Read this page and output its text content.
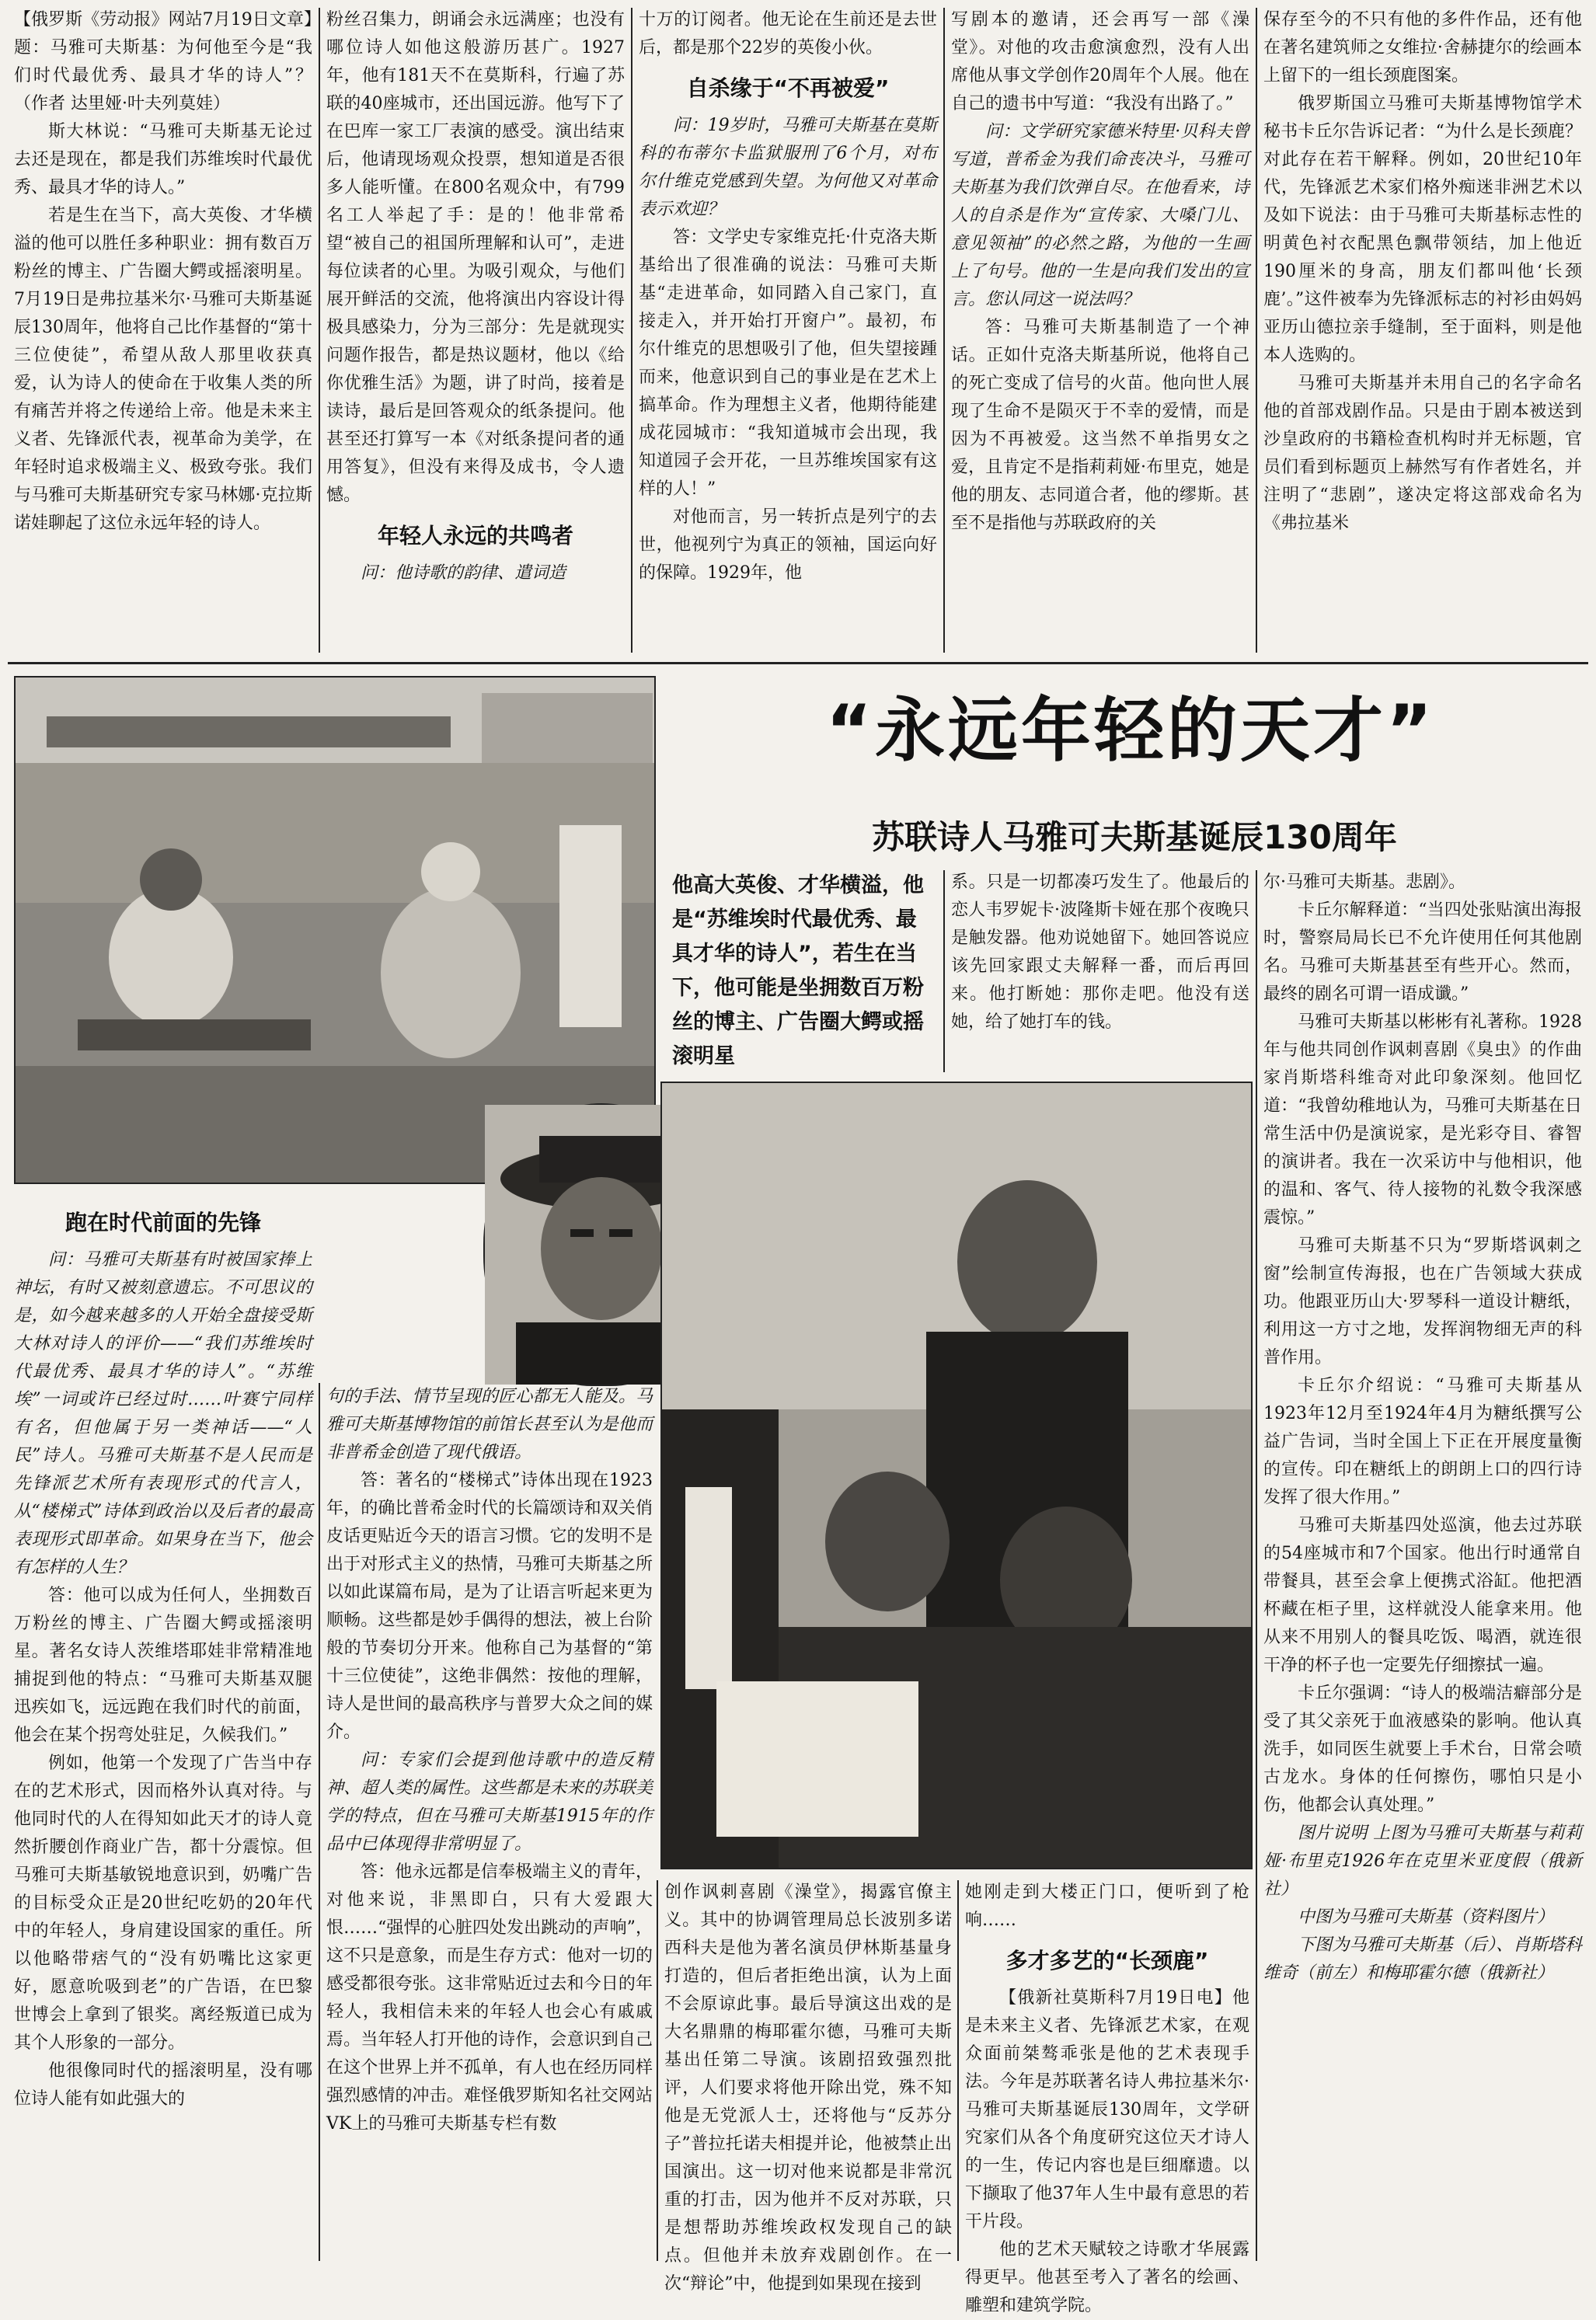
【俄罗斯《劳动报》网站7月19日文章】题：马雅可夫斯基：为何他至今是“我们时代最优秀、最具才华的诗人”？（作者 达里娅·叶夫列莫娃）

斯大林说：“马雅可夫斯基无论过去还是现在，都是我们苏维埃时代最优秀、最具才华的诗人。”

若是生在当下，高大英俊、才华横溢的他可以胜任多种职业：拥有数百万粉丝的博主、广告圈大鳄或摇滚明星。7月19日是弗拉基米尔·马雅可夫斯基诞辰130周年，他将自己比作基督的“第十三位使徒”，希望从敌人那里收获真爱，认为诗人的使命在于收集人类的所有痛苦并将之传递给上帝。他是未来主义者、先锋派代表，视革命为美学，在年轻时追求极端主义、极致夸张。我们与马雅可夫斯基研究专家马林娜·克拉斯诺娃聊起了这位永远年轻的诗人。

粉丝召集力，朗诵会永远满座；也没有哪位诗人如他这般游历甚广。1927年，他有181天不在莫斯科，行遍了苏联的40座城市，还出国远游。他写下了在巴库一家工厂表演的感受。演出结束后，他请现场观众投票，想知道是否很多人能听懂。在800名观众中，有799名工人举起了手：是的！他非常希望“被自己的祖国所理解和认可”，走进每位读者的心里。为吸引观众，与他们展开鲜活的交流，他将演出内容设计得极具感染力，分为三部分：先是就现实问题作报告，都是热议题材，他以《给你优雅生活》为题，讲了时尚，接着是读诗，最后是回答观众的纸条提问。他甚至还打算写一本《对纸条提问者的通用答复》，但没有来得及成书，令人遗憾。

年轻人永远的共鸣者

问：他诗歌的韵律、遣词造

十万的订阅者。他无论在生前还是去世后，都是那个22岁的英俊小伙。

自杀缘于“不再被爱”

问：19岁时，马雅可夫斯基在莫斯科的布蒂尔卡监狱服刑了6个月，对布尔什维克党感到失望。为何他又对革命表示欢迎？

答：文学史专家维克托·什克洛夫斯基给出了很准确的说法：马雅可夫斯基“走进革命，如同踏入自己家门，直接走入，并开始打开窗户”。最初，布尔什维克的思想吸引了他，但失望接踵而来，他意识到自己的事业是在艺术上搞革命。作为理想主义者，他期待能建成花园城市：“我知道城市会出现，我知道园子会开花，一旦苏维埃国家有这样的人！”

对他而言，另一转折点是列宁的去世，他视列宁为真正的领袖，国运向好的保障。1929年，他

写剧本的邀请，还会再写一部《澡堂》。对他的攻击愈演愈烈，没有人出席他从事文学创作20周年个人展。他在自己的遗书中写道：“我没有出路了。”

问：文学研究家德米特里·贝科夫曾写道，普希金为我们命丧决斗，马雅可夫斯基为我们饮弹自尽。在他看来，诗人的自杀是作为“宣传家、大嗓门儿、意见领袖”的必然之路，为他的一生画上了句号。他的一生是向我们发出的宣言。您认同这一说法吗？

答：马雅可夫斯基制造了一个神话。正如什克洛夫斯基所说，他将自己的死亡变成了信号的火苗。他向世人展现了生命不是陨灭于不幸的爱情，而是因为不再被爱。这当然不单指男女之爱，且肯定不是指莉莉娅·布里克，她是他的朋友、志同道合者，他的缪斯。甚至不是指他与苏联政府的关

保存至今的不只有他的多件作品，还有他在著名建筑师之女维拉·舍赫捷尔的绘画本上留下的一组长颈鹿图案。

俄罗斯国立马雅可夫斯基博物馆学术秘书卡丘尔告诉记者：“为什么是长颈鹿？对此存在若干解释。例如，20世纪10年代，先锋派艺术家们格外痴迷非洲艺术以及如下说法：由于马雅可夫斯基标志性的明黄色衬衣配黑色飘带领结，加上他近190厘米的身高，朋友们都叫他‘长颈鹿’。”这件被奉为先锋派标志的衬衫由妈妈亚历山德拉亲手缝制，至于面料，则是他本人选购的。

马雅可夫斯基并未用自己的名字命名他的首部戏剧作品。只是由于剧本被送到沙皇政府的书籍检查机构时并无标题，官员们看到标题页上赫然写有作者姓名，并注明了“悲剧”，遂决定将这部戏命名为《弗拉基米

“永远年轻的天才”
苏联诗人马雅可夫斯基诞辰130周年
他高大英俊、才华横溢，他是“苏维埃时代最优秀、最具才华的诗人”，若生在当下，他可能是坐拥数百万粉丝的博主、广告圈大鳄或摇滚明星

系。只是一切都凑巧发生了。他最后的恋人韦罗妮卡·波隆斯卡娅在那个夜晚只是触发器。他劝说她留下。她回答说应该先回家跟丈夫解释一番，而后再回来。他打断她：那你走吧。他没有送她，给了她打车的钱。

尔·马雅可夫斯基。悲剧》。

卡丘尔解释道：“当四处张贴演出海报时，警察局局长已不允许使用任何其他剧名。马雅可夫斯基甚至有些开心。然而，最终的剧名可谓一语成谶。”

马雅可夫斯基以彬彬有礼著称。1928年与他共同创作讽刺喜剧《臭虫》的作曲家肖斯塔科维奇对此印象深刻。他回忆道：“我曾幼稚地认为，马雅可夫斯基在日常生活中仍是演说家，是光彩夺目、睿智的演讲者。我在一次采访中与他相识，他的温和、客气、待人接物的礼数令我深感震惊。”

马雅可夫斯基不只为“罗斯塔讽刺之窗”绘制宣传海报，也在广告领域大获成功。他跟亚历山大·罗琴科一道设计糖纸，利用这一方寸之地，发挥润物细无声的科普作用。

卡丘尔介绍说：“马雅可夫斯基从1923年12月至1924年4月为糖纸撰写公益广告词，当时全国上下正在开展度量衡的宣传。印在糖纸上的朗朗上口的四行诗发挥了很大作用。”

马雅可夫斯基四处巡演，他去过苏联的54座城市和7个国家。他出行时通常自带餐具，甚至会拿上便携式浴缸。他把酒杯藏在柜子里，这样就没人能拿来用。他从来不用别人的餐具吃饭、喝酒，就连很干净的杯子也一定要先仔细擦拭一遍。

卡丘尔强调：“诗人的极端洁癖部分是受了其父亲死于血液感染的影响。他认真洗手，如同医生就要上手术台，日常会喷古龙水。身体的任何擦伤，哪怕只是小伤，他都会认真处理。”

图片说明 上图为马雅可夫斯基与莉莉娅·布里克1926年在克里米亚度假（俄新社）

中图为马雅可夫斯基（资料图片）

下图为马雅可夫斯基（后）、肖斯塔科维奇（前左）和梅耶霍尔德（俄新社）

跑在时代前面的先锋

问：马雅可夫斯基有时被国家捧上神坛，有时又被刻意遗忘。不可思议的是，如今越来越多的人开始全盘接受斯大林对诗人的评价——“我们苏维埃时代最优秀、最具才华的诗人”。“苏维埃”一词或许已经过时……叶赛宁同样有名，但他属于另一类神话——“人民”诗人。马雅可夫斯基不是人民而是先锋派艺术所有表现形式的代言人，从“楼梯式”诗体到政治以及后者的最高表现形式即革命。如果身在当下，他会有怎样的人生？

答：他可以成为任何人，坐拥数百万粉丝的博主、广告圈大鳄或摇滚明星。著名女诗人茨维塔耶娃非常精准地捕捉到他的特点：“马雅可夫斯基双腿迅疾如飞，远远跑在我们时代的前面，他会在某个拐弯处驻足，久候我们。”

例如，他第一个发现了广告当中存在的艺术形式，因而格外认真对待。与他同时代的人在得知如此天才的诗人竟然折腰创作商业广告，都十分震惊。但马雅可夫斯基敏锐地意识到，奶嘴广告的目标受众正是20世纪吃奶的20年代中的年轻人，身肩建设国家的重任。所以他略带痞气的“没有奶嘴比这家更好，愿意吮吸到老”的广告语，在巴黎世博会上拿到了银奖。离经叛道已成为其个人形象的一部分。

他很像同时代的摇滚明星，没有哪位诗人能有如此强大的

句的手法、情节呈现的匠心都无人能及。马雅可夫斯基博物馆的前馆长甚至认为是他而非普希金创造了现代俄语。

答：著名的“楼梯式”诗体出现在1923年，的确比普希金时代的长篇颂诗和双关俏皮话更贴近今天的语言习惯。它的发明不是出于对形式主义的热情，马雅可夫斯基之所以如此谋篇布局，是为了让语言听起来更为顺畅。这些都是妙手偶得的想法，被上台阶般的节奏切分开来。他称自己为基督的“第十三位使徒”，这绝非偶然：按他的理解，诗人是世间的最高秩序与普罗大众之间的媒介。

问：专家们会提到他诗歌中的造反精神、超人类的属性。这些都是未来的苏联美学的特点，但在马雅可夫斯基1915年的作品中已体现得非常明显了。

答：他永远都是信奉极端主义的青年，对他来说，非黑即白，只有大爱跟大恨……“强悍的心脏四处发出跳动的声响”，这不只是意象，而是生存方式：他对一切的感受都很夸张。这非常贴近过去和今日的年轻人，我相信未来的年轻人也会心有戚戚焉。当年轻人打开他的诗作，会意识到自己在这个世界上并不孤单，有人也在经历同样强烈感情的冲击。难怪俄罗斯知名社交网站VK上的马雅可夫斯基专栏有数

创作讽刺喜剧《澡堂》，揭露官僚主义。其中的协调管理局总长波别多诺西科夫是他为著名演员伊林斯基量身打造的，但后者拒绝出演，认为上面不会原谅此事。最后导演这出戏的是大名鼎鼎的梅耶霍尔德，马雅可夫斯基出任第二导演。该剧招致强烈批评，人们要求将他开除出党，殊不知他是无党派人士，还将他与“反苏分子”普拉托诺夫相提并论，他被禁止出国演出。这一切对他来说都是非常沉重的打击，因为他并不反对苏联，只是想帮助苏维埃政权发现自己的缺点。但他并未放弃戏剧创作。在一次“辩论”中，他提到如果现在接到

她刚走到大楼正门口，便听到了枪响……

多才多艺的“长颈鹿”

【俄新社莫斯科7月19日电】他是未来主义者、先锋派艺术家，在观众面前桀骜乖张是他的艺术表现手法。今年是苏联著名诗人弗拉基米尔·马雅可夫斯基诞辰130周年，文学研究家们从各个角度研究这位天才诗人的一生，传记内容也是巨细靡遗。以下撷取了他37年人生中最有意思的若干片段。

他的艺术天赋较之诗歌才华展露得更早。他甚至考入了著名的绘画、雕塑和建筑学院。
